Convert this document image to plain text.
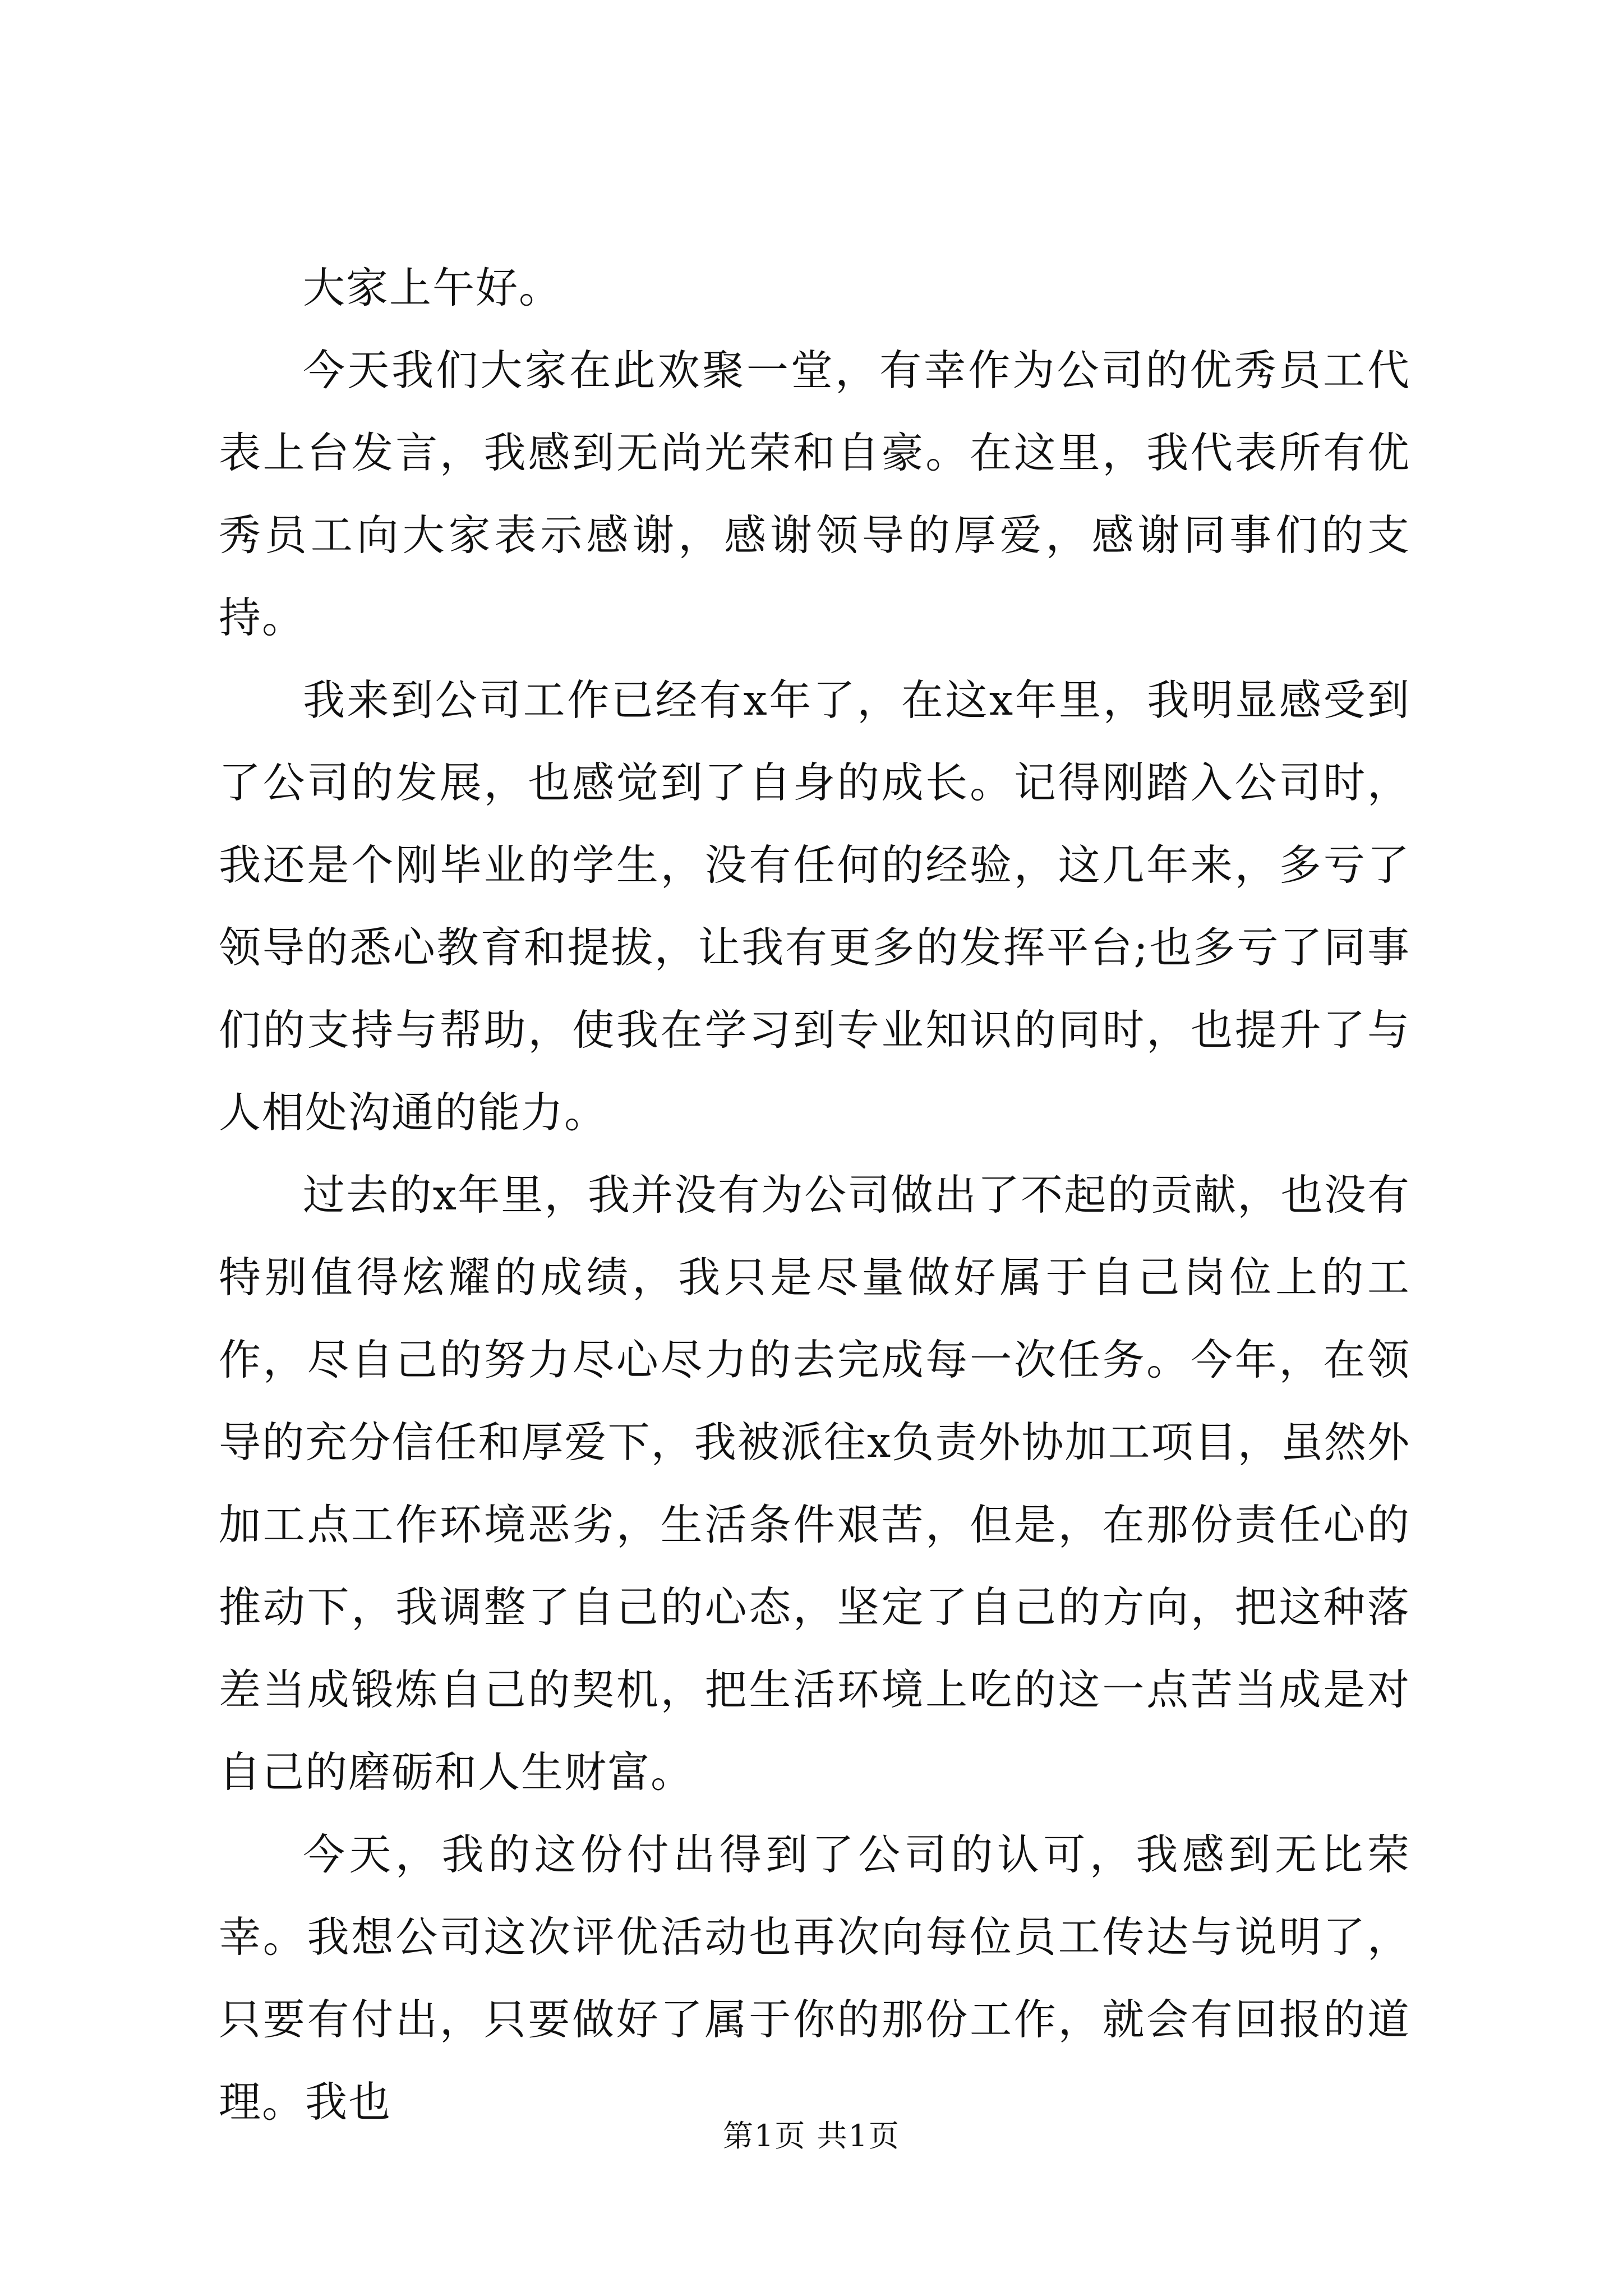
大家上午好。

今天我们大家在此欢聚一堂，有幸作为公司的优秀员工代表上台发言，我感到无尚光荣和自豪。在这里，我代表所有优秀员工向大家表示感谢，感谢领导的厚爱，感谢同事们的支持。

我来到公司工作已经有x年了，在这x年里，我明显感受到了公司的发展，也感觉到了自身的成长。记得刚踏入公司时，我还是个刚毕业的学生，没有任何的经验，这几年来，多亏了领导的悉心教育和提拔，让我有更多的发挥平台;也多亏了同事们的支持与帮助，使我在学习到专业知识的同时，也提升了与人相处沟通的能力。

过去的x年里，我并没有为公司做出了不起的贡献，也没有特别值得炫耀的成绩，我只是尽量做好属于自己岗位上的工作，尽自己的努力尽心尽力的去完成每一次任务。今年，在领导的充分信任和厚爱下，我被派往x负责外协加工项目，虽然外加工点工作环境恶劣，生活条件艰苦，但是，在那份责任心的推动下，我调整了自己的心态，坚定了自己的方向，把这种落差当成锻炼自己的契机，把生活环境上吃的这一点苦当成是对自己的磨砺和人生财富。

今天，我的这份付出得到了公司的认可，我感到无比荣幸。我想公司这次评优活动也再次向每位员工传达与说明了，只要有付出，只要做好了属于你的那份工作，就会有回报的道理。我也

第1页 共1页
